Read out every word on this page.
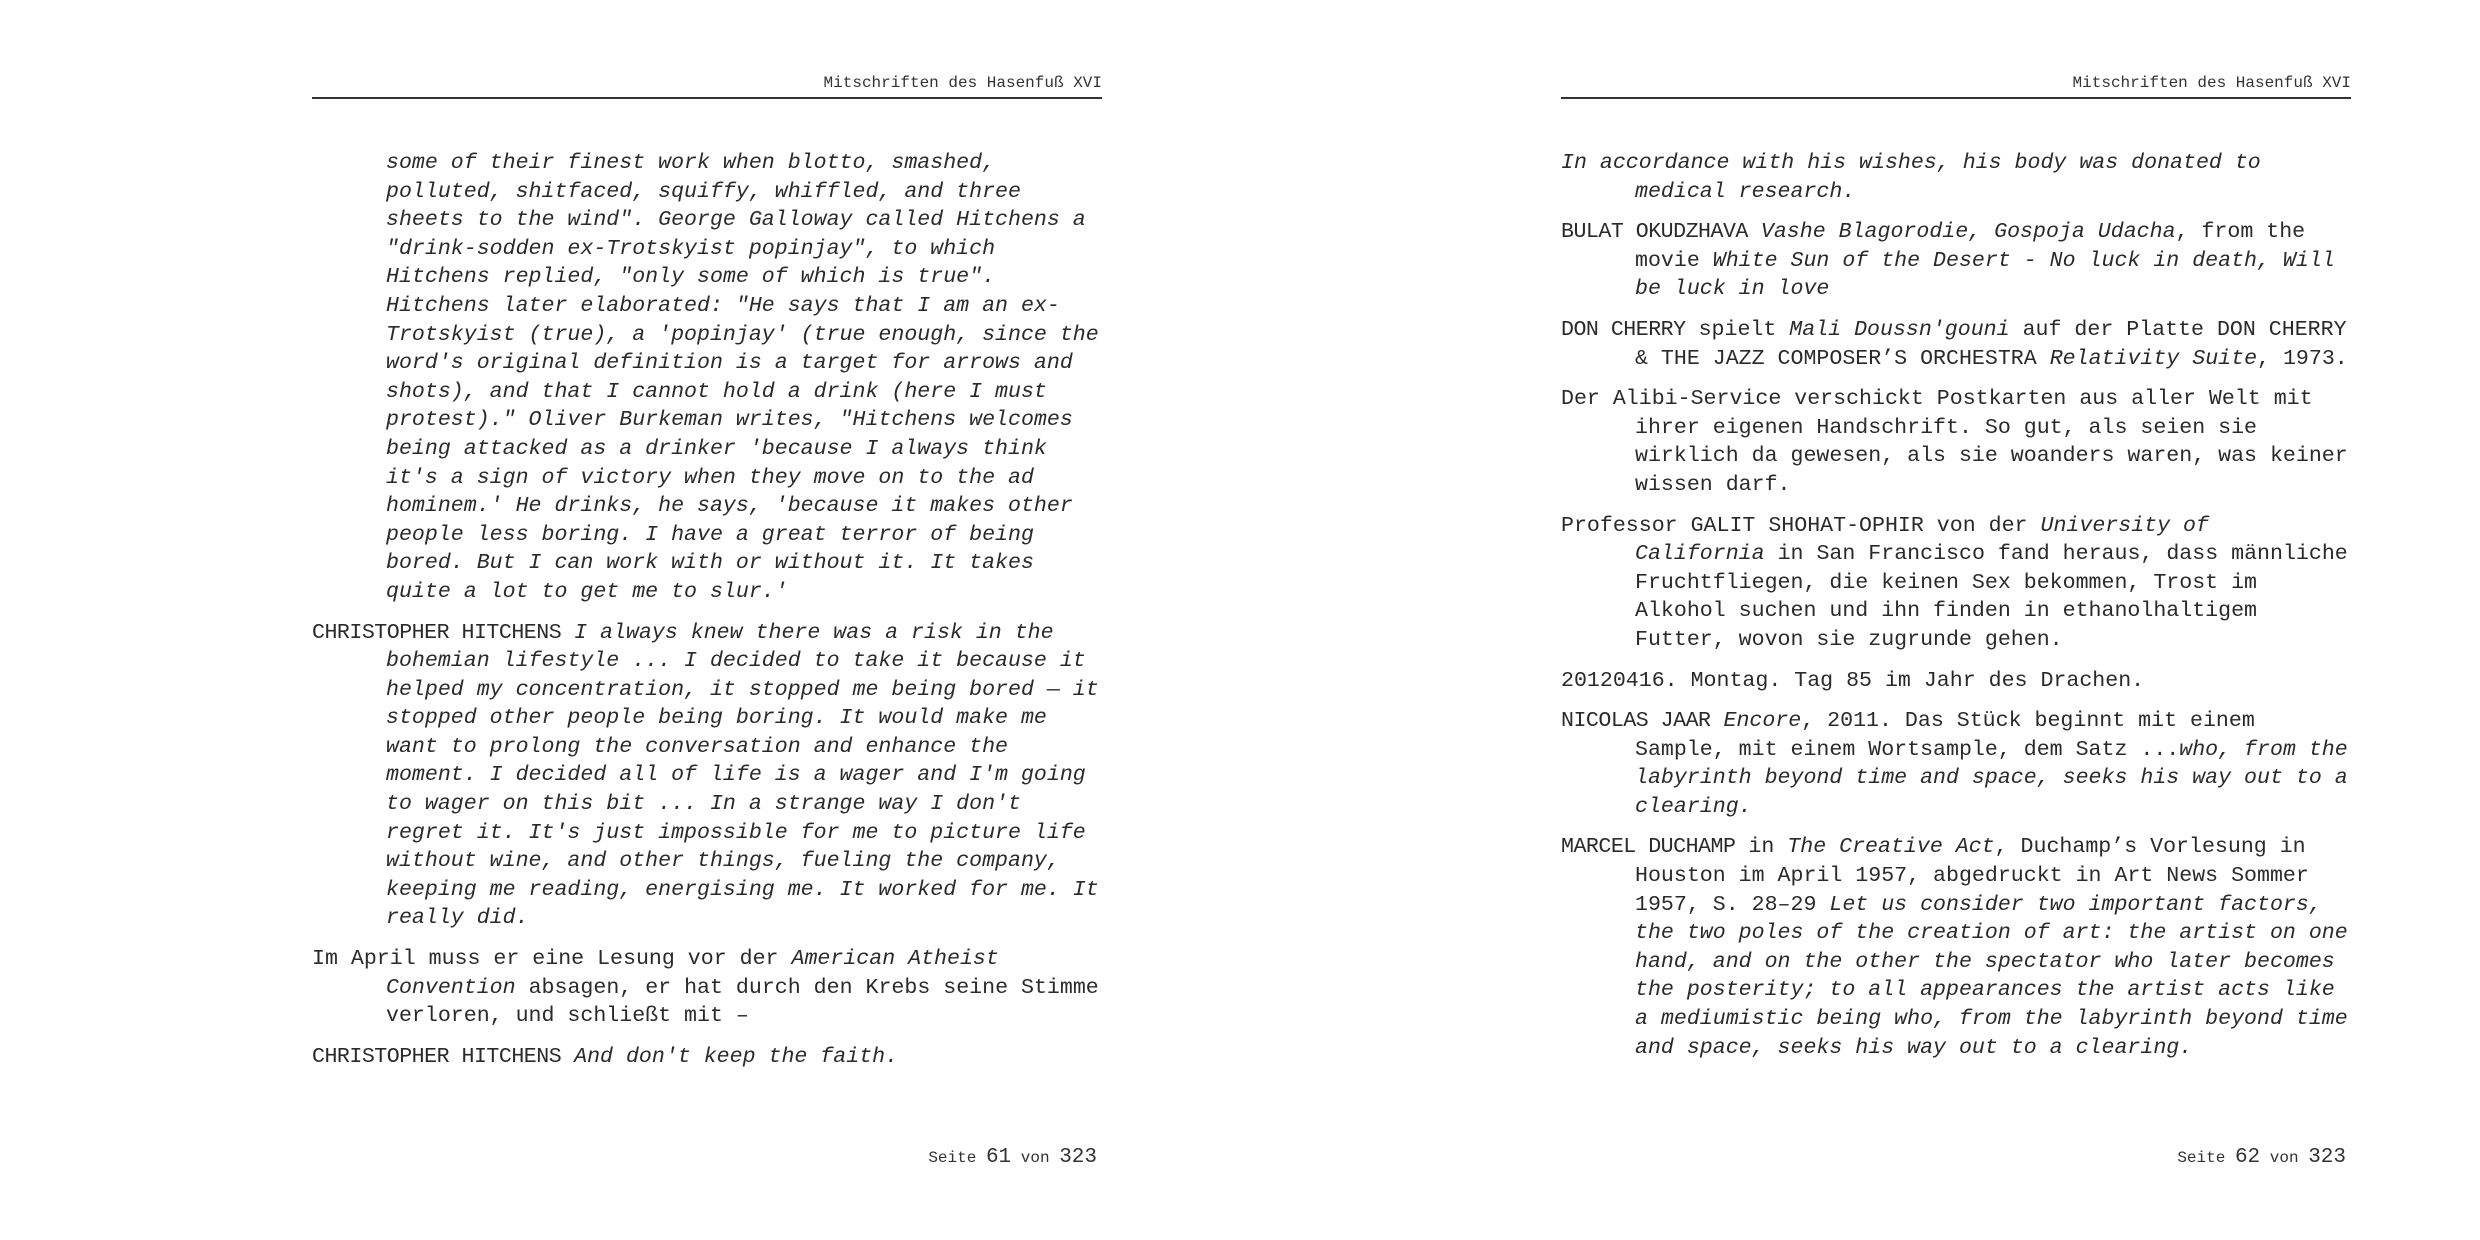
Mitschriften des Hasenfuß XVI

some of their finest work when blotto, smashed, polluted, shitfaced, squiffy, whiffled, and three sheets to the wind". George Galloway called Hitchens a "drink-sodden ex-Trotskyist popinjay", to which Hitchens replied, "only some of which is true". Hitchens later elaborated: "He says that I am an ex-Trotskyist (true), a 'popinjay' (true enough, since the word's original definition is a target for arrows and shots), and that I cannot hold a drink (here I must protest)." Oliver Burkeman writes, "Hitchens welcomes being attacked as a drinker 'because I always think it's a sign of victory when they move on to the ad hominem.' He drinks, he says, 'because it makes other people less boring. I have a great terror of being bored. But I can work with or without it. It takes quite a lot to get me to slur.'

CHRISTOPHER HITCHENS I always knew there was a risk in the bohemian lifestyle ... I decided to take it because it helped my concentration, it stopped me being bored — it stopped other people being boring. It would make me want to prolong the conversation and enhance the moment. I decided all of life is a wager and I'm going to wager on this bit ... In a strange way I don't regret it. It's just impossible for me to picture life without wine, and other things, fueling the company, keeping me reading, energising me. It worked for me. It really did.

Im April muss er eine Lesung vor der American Atheist Convention absagen, er hat durch den Krebs seine Stimme verloren, und schließt mit –

CHRISTOPHER HITCHENS And don't keep the faith.

Seite 61 von 323
Mitschriften des Hasenfuß XVI

In accordance with his wishes, his body was donated to medical research.

BULAT OKUDZHAVA Vashe Blagorodie, Gospoja Udacha, from the movie White Sun of the Desert - No luck in death, Will be luck in love

DON CHERRY spielt Mali Doussn'gouni auf der Platte DON CHERRY & THE JAZZ COMPOSER’S ORCHESTRA Relativity Suite, 1973.

Der Alibi-Service verschickt Postkarten aus aller Welt mit ihrer eigenen Handschrift. So gut, als seien sie wirklich da gewesen, als sie woanders waren, was keiner wissen darf.

Professor GALIT SHOHAT-OPHIR von der University of California in San Francisco fand heraus, dass männliche Fruchtfliegen, die keinen Sex bekommen, Trost im Alkohol suchen und ihn finden in ethanolhaltigem Futter, wovon sie zugrunde gehen.

20120416. Montag. Tag 85 im Jahr des Drachen.

NICOLAS JAAR Encore, 2011. Das Stück beginnt mit einem Sample, mit einem Wortsample, dem Satz ...who, from the labyrinth beyond time and space, seeks his way out to a clearing.

MARCEL DUCHAMP in The Creative Act, Duchamp’s Vorlesung in Houston im April 1957, abgedruckt in Art News Sommer 1957, S. 28–29 Let us consider two important factors, the two poles of the creation of art: the artist on one hand, and on the other the spectator who later becomes the posterity; to all appearances the artist acts like a mediumistic being who, from the labyrinth beyond time and space, seeks his way out to a clearing.

Seite 62 von 323
